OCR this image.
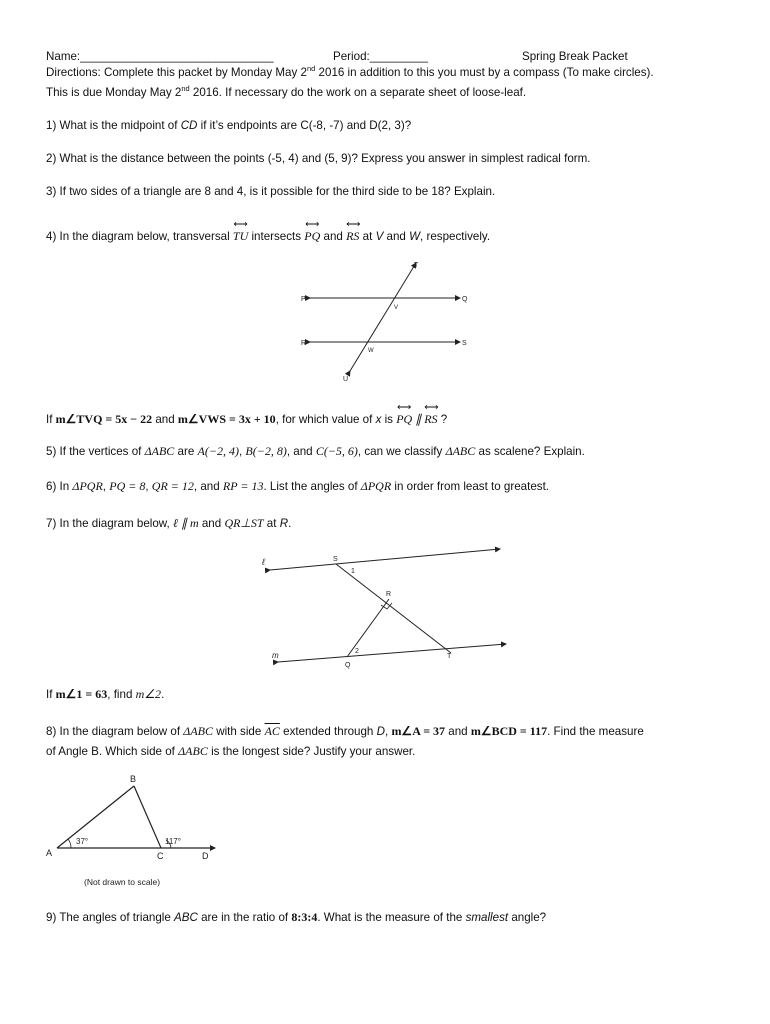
Name:______________________________	Period:_________	Spring Break Packet
Directions: Complete this packet by Monday May 2nd 2016 in addition to this you must by a compass (To make circles).
This is due Monday May 2nd 2016. If necessary do the work on a separate sheet of loose-leaf.
1) What is the midpoint of CD if it’s endpoints are C(-8, -7) and D(2, 3)?
2) What is the distance between the points (-5, 4) and (5, 9)? Express you answer in simplest radical form.
3) If two sides of a triangle are 8 and 4, is it possible for the third side to be 18? Explain.
4) In the diagram below, transversal ⟷ TU intersects ⟷ PQ and ⟷ RS at V and W, respectively.
T
P	Q
V
R	S
W
U
If m∠TVQ = 5x − 22 and m∠VWS = 3x + 10, for which value of x is ⟷ PQ ∥ ⟷ RS ?
5) If the vertices of ΔABC are A(−2, 4), B(−2, 8), and C(−5, 6), can we classify ΔABC as scalene? Explain.
6) In ΔPQR, PQ = 8, QR = 12, and RP = 13. List the angles of ΔPQR in order from least to greatest.
7) In the diagram below, ℓ ∥ m and QR⊥ST at R.
ℓ	S
1
R
m	2
Q
T
If m∠1 = 63, find m∠2.
8) In the diagram below of ΔABC with side $\overline{AC}$ extended through D, m∠A = 37 and m∠BCD = 117. Find the measure
of Angle B. Which side of ΔABC is the longest side? Justify your answer.
B
A	C	D
37°	117°
(Not drawn to scale)
9) The angles of triangle ABC are in the ratio of 8:3:4. What is the measure of the smallest angle?
